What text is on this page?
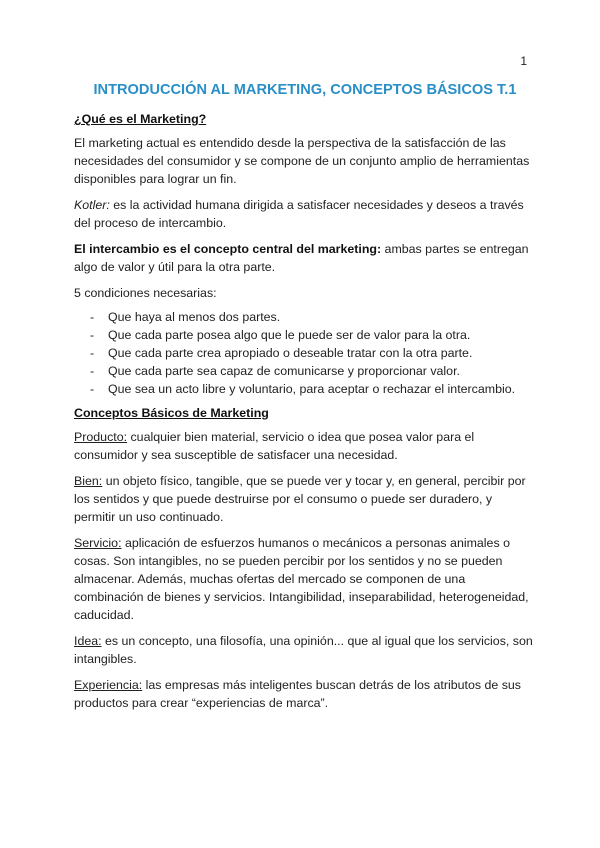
1
INTRODUCCIÓN AL MARKETING, CONCEPTOS BÁSICOS T.1
¿Qué es el Marketing?

El marketing actual es entendido desde la perspectiva de la satisfacción de las necesidades del consumidor y se compone de un conjunto amplio de herramientas disponibles para lograr un fin.

Kotler: es la actividad humana dirigida a satisfacer necesidades y deseos a través del proceso de intercambio.

El intercambio es el concepto central del marketing: ambas partes se entregan algo de valor y útil para la otra parte.

5 condiciones necesarias:

- Que haya al menos dos partes.
- Que cada parte posea algo que le puede ser de valor para la otra.
- Que cada parte crea apropiado o deseable tratar con la otra parte.
- Que cada parte sea capaz de comunicarse y proporcionar valor.
- Que sea un acto libre y voluntario, para aceptar o rechazar el intercambio.
Conceptos Básicos de Marketing

Producto: cualquier bien material, servicio o idea que posea valor para el consumidor y sea susceptible de satisfacer una necesidad.

Bien: un objeto físico, tangible, que se puede ver y tocar y, en general, percibir por los sentidos y que puede destruirse por el consumo o puede ser duradero, y permitir un uso continuado.

Servicio: aplicación de esfuerzos humanos o mecánicos a personas animales o cosas. Son intangibles, no se pueden percibir por los sentidos y no se pueden almacenar. Además, muchas ofertas del mercado se componen de una combinación de bienes y servicios. Intangibilidad, inseparabilidad, heterogeneidad, caducidad.

Idea: es un concepto, una filosofía, una opinión... que al igual que los servicios, son intangibles.

Experiencia: las empresas más inteligentes buscan detrás de los atributos de sus productos para crear “experiencias de marca”.
